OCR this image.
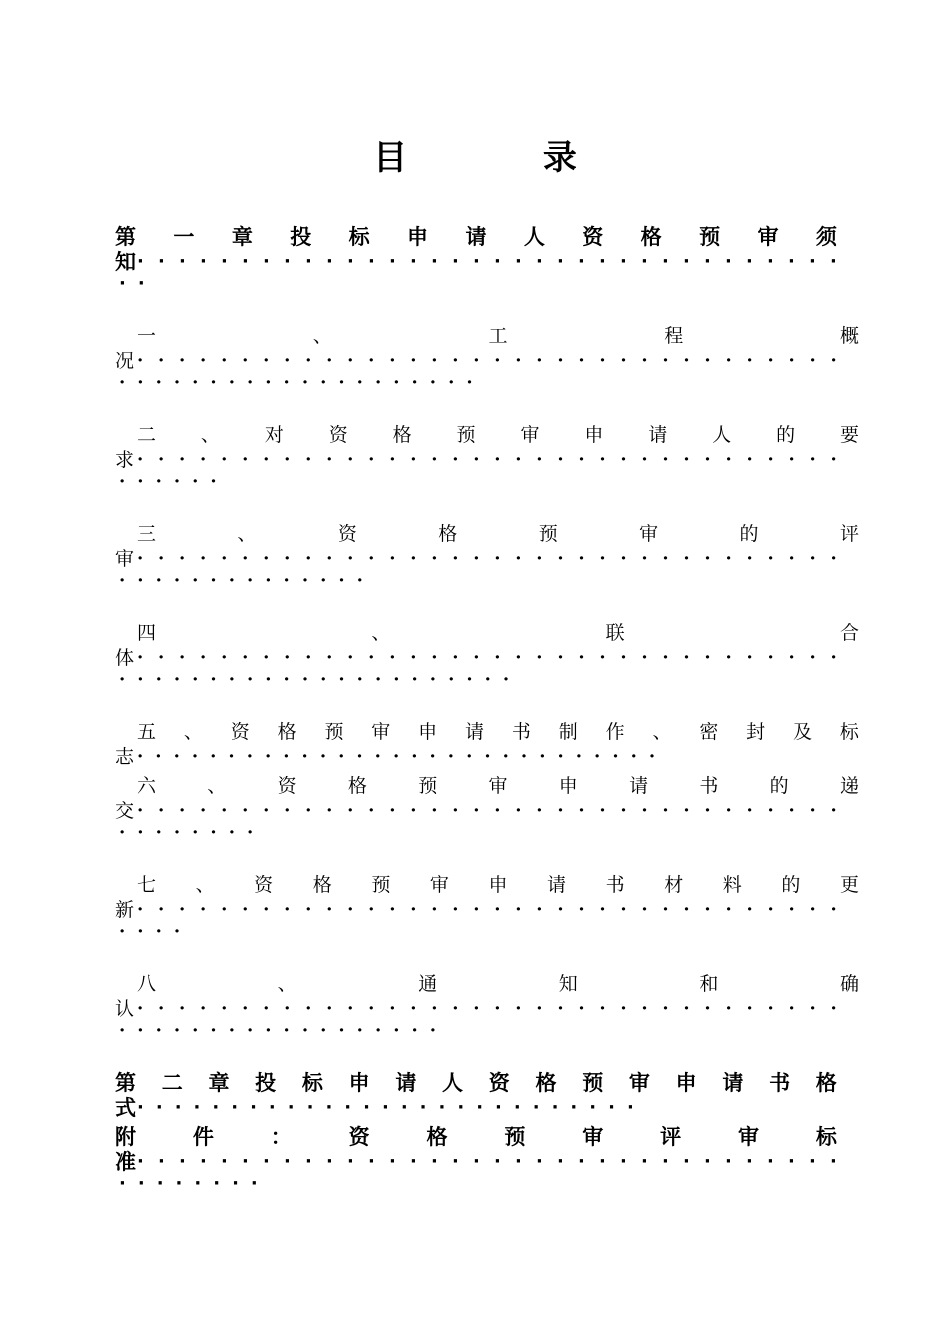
目 录
第 一 章 投 标 申 请 人 资 格 预 审 须
知 · · · · · · · · · · · · · · · · · · · · · · · · · · · · · · · · · ·
· ·
一	、	工	程	概
况 · · · · · · · · · · · · · · · · · · · · · · · · · · · · · · · · · ·
· · · · · · · · · · · · · · · · · · · ·
二 、 对 资 格 预 审 申 请 人 的 要
求 · · · · · · · · · · · · · · · · · · · · · · · · · · · · · · · · · ·
· · · · · ·
三	、	资	格	预	审	的	评
审 · · · · · · · · · · · · · · · · · · · · · · · · · · · · · · · · · ·
· · · · · · · · · · · · · ·
四	、	联	合
体 · · · · · · · · · · · · · · · · · · · · · · · · · · · · · · · · · ·
· · · · · · · · · · · · · · · · · · · · · ·
五 、 资 格 预 审 申 请 书 制 作 、 密 封 及 标
志 · · · · · · · · · · · · · · · · · · · · · · · · · · · · ·
六	、	资	格	预	审	申	请	书	的	递
交 · · · · · · · · · · · · · · · · · · · · · · · · · · · · · · · · · ·
· · · · · · · ·
七 、 资 格 预 审 申 请 书 材 料 的 更
新 · · · · · · · · · · · · · · · · · · · · · · · · · · · · · · · · · ·
· · · ·
八	、	通	知	和	确
认 · · · · · · · · · · · · · · · · · · · · · · · · · · · · · · · · · ·
· · · · · · · · · · · · · · · · · ·
第 二 章 投 标 申 请 人 资 格 预 审 申 请 书 格
式 · · · · · · · · · · · · · · · · · · · · · · · · · · ·
附	件	：	资	格	预	审	评	审	标
准 · · · · · · · · · · · · · · · · · · · · · · · · · · · · · · · · · ·
· · · · · · · ·
